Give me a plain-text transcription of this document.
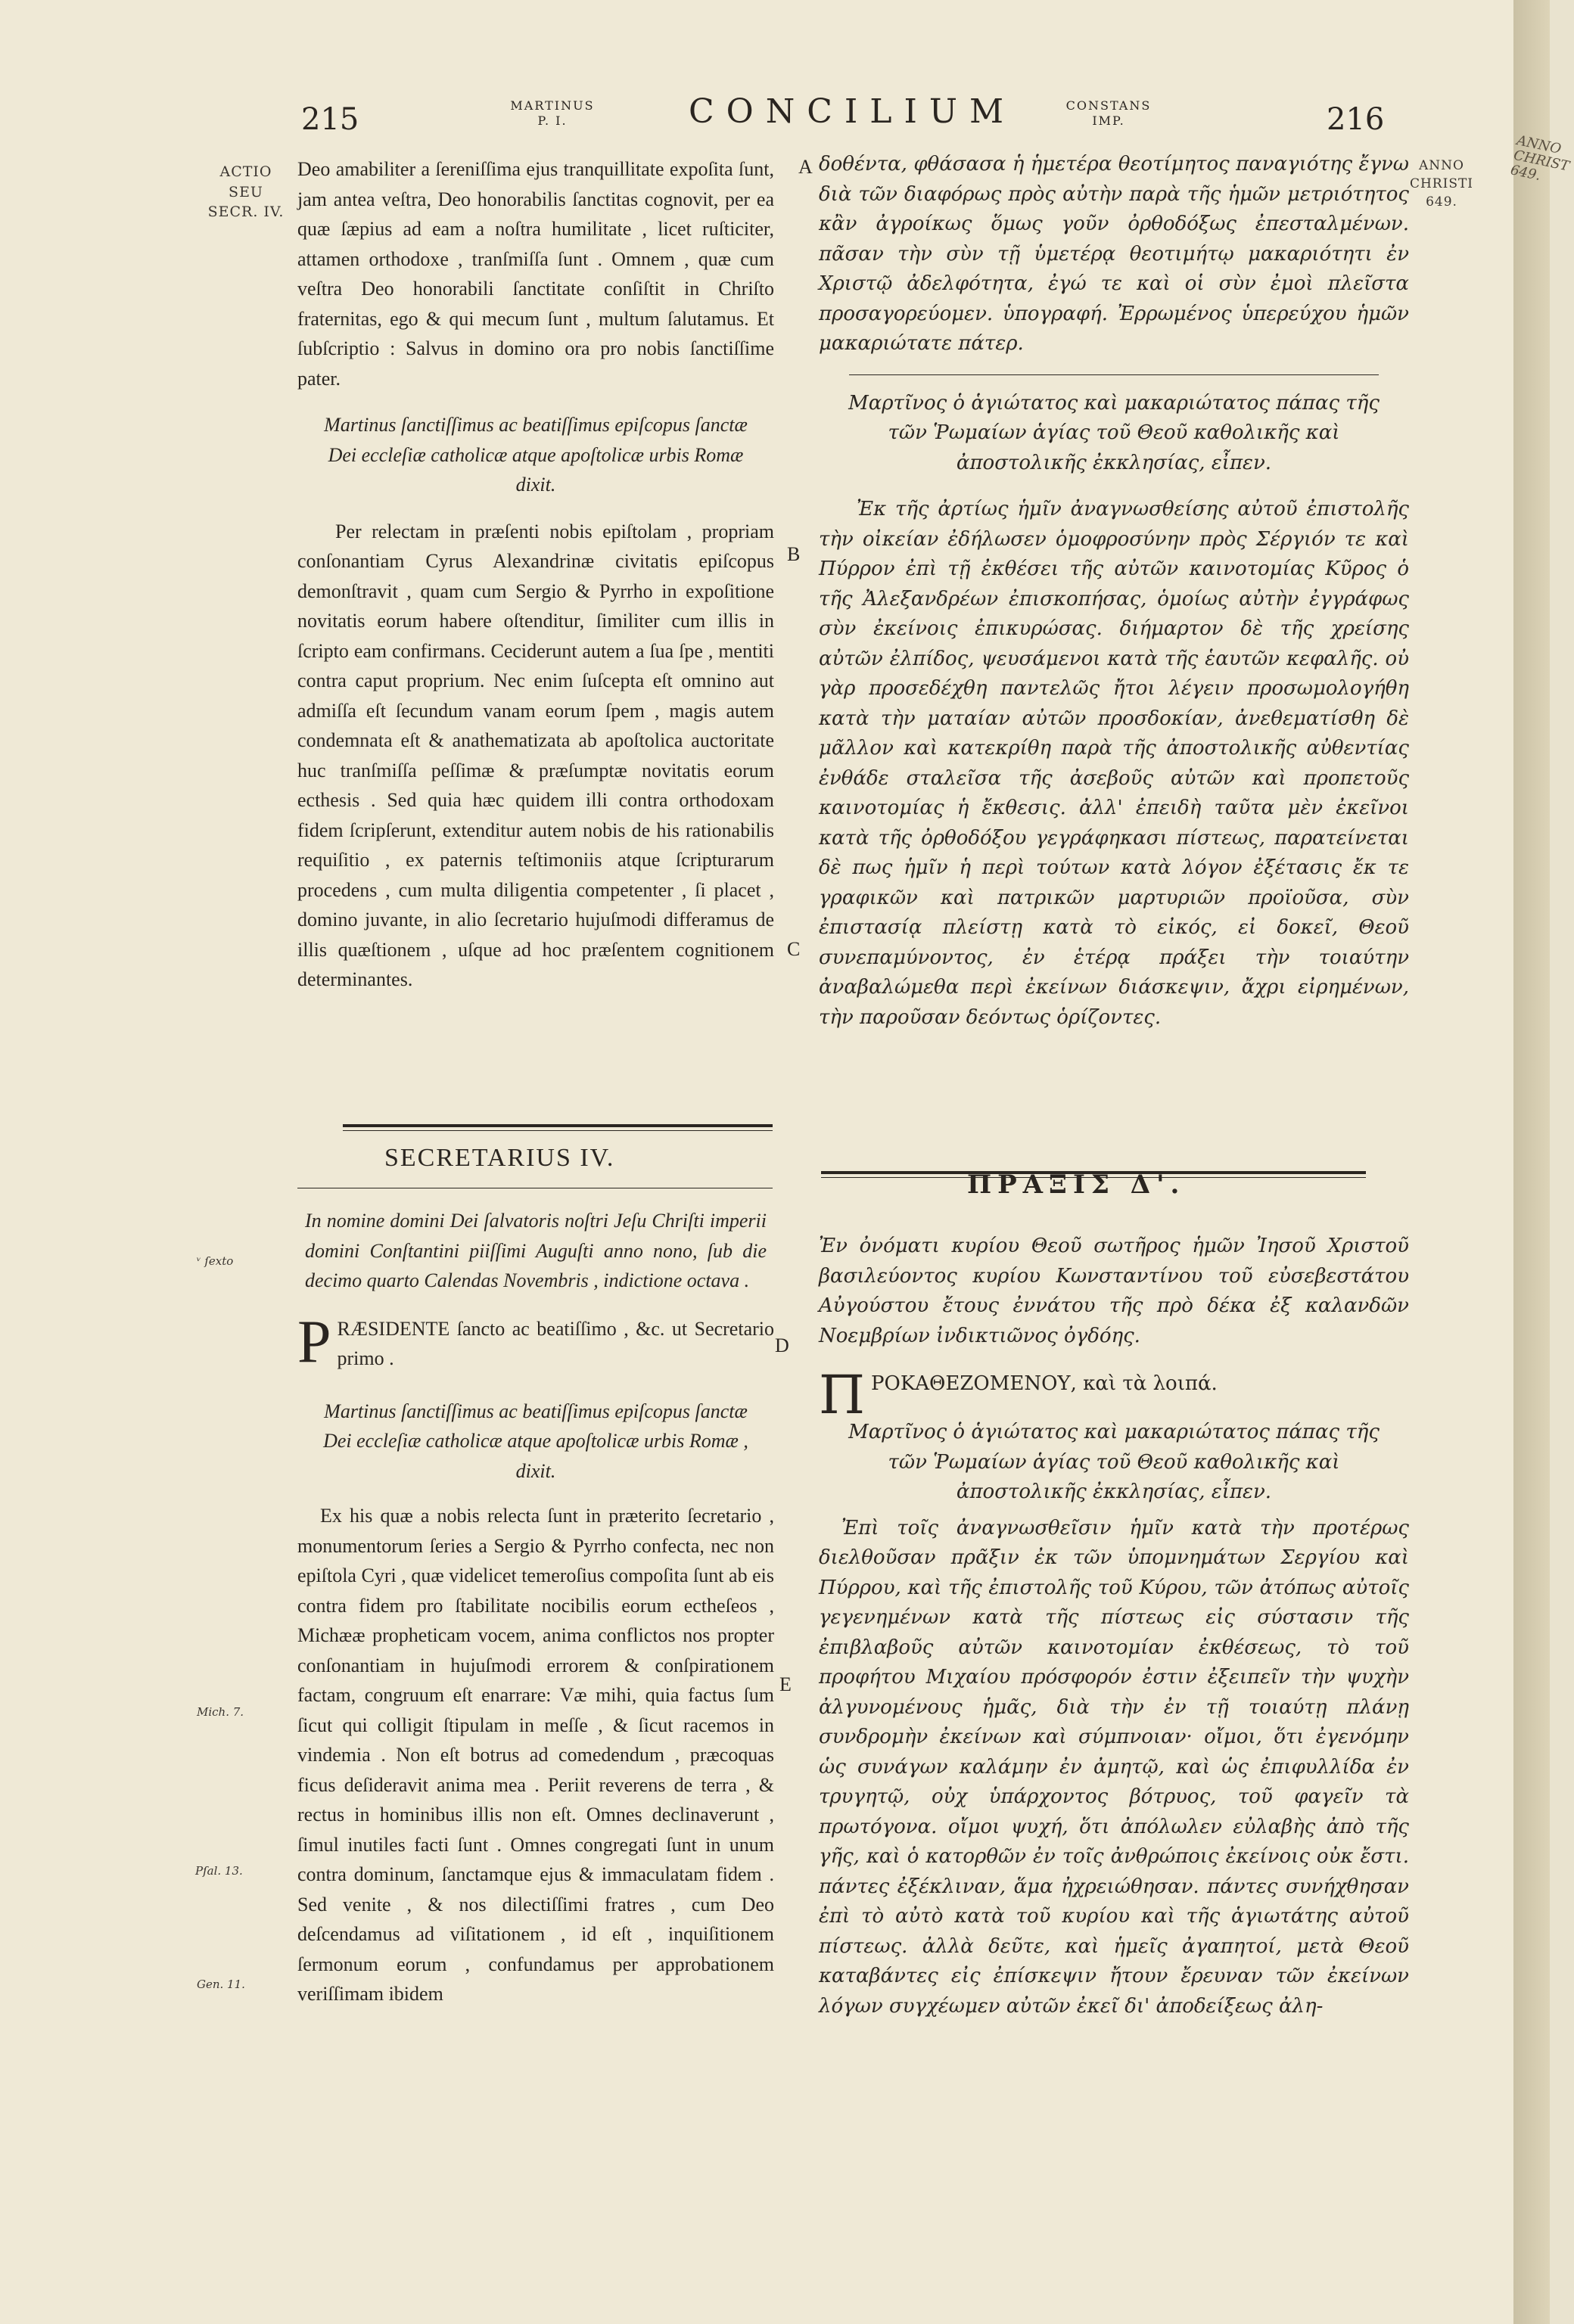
ANNO
CHRIST
649.
215	MARTINUS
P. I.	CONCILIUM	CONSTANS
IMP.	216
ACTIO
SEU
SECR. IV.
ᵛ ſexto
Mich. 7.
Pſal. 13.
Gen. 11.
ANNO
CHRISTI
649.
A
B
C
D
E

Deo amabiliter a ſereniſſima ejus tranquillitate expoſita ſunt, jam antea veſtra, Deo honorabilis ſanctitas cognovit, per ea quæ ſæpius ad eam a noſtra humilitate , licet ruſticiter, attamen orthodoxe , tranſmiſſa ſunt . Omnem , quæ cum veſtra Deo honorabili ſanctitate conſiſtit in Chriſto fraternitas, ego & qui mecum ſunt , multum ſalutamus. Et ſubſcriptio : Salvus in domino ora pro nobis ſanctiſſime pater.

Martinus ſanctiſſimus ac beatiſſimus epiſcopus ſanctæ Dei eccleſiæ catholicæ atque apoſtolicæ urbis Romæ dixit.

Per relectam in præſenti nobis epiſtolam , propriam conſonantiam Cyrus Alexandrinæ civitatis epiſcopus demonſtravit , quam cum Sergio & Pyrrho in expoſitione novitatis eorum habere oſtenditur, ſimiliter cum illis in ſcripto eam confirmans. Ceciderunt autem a ſua ſpe , mentiti contra caput proprium. Nec enim ſuſcepta eſt omnino aut admiſſa eſt ſecundum vanam eorum ſpem , magis autem condemnata eſt & anathematizata ab apoſtolica auctoritate huc tranſmiſſa peſſimæ & præſumptæ novitatis eorum ecthesis . Sed quia hæc quidem illi contra orthodoxam fidem ſcripſerunt, extenditur autem nobis de his rationabilis requiſitio , ex paternis teſtimoniis atque ſcripturarum procedens , cum multa diligentia competenter , ſi placet , domino juvante, in alio ſecretario hujuſmodi differamus de illis quæſtionem , uſque ad hoc præſentem cognitionem determinantes.

SECRETARIUS IV.

In nomine domini Dei ſalvatoris noſtri Jeſu Chriſti imperii domini Conſtantini piiſſimi Auguſti anno nono, ſub die decimo quarto Calendas Novembris , indictione octava .

PRÆSIDENTE ſancto ac beatiſſimo , &c. ut Secretario primo .

Martinus ſanctiſſimus ac beatiſſimus epiſcopus ſanctæ Dei eccleſiæ catholicæ atque apoſtolicæ urbis Romæ , dixit.

Ex his quæ a nobis relecta ſunt in præterito ſecretario , monumentorum ſeries a Sergio & Pyrrho confecta, nec non epiſtola Cyri , quæ videlicet temeroſius compoſita ſunt ab eis contra fidem pro ſtabilitate nocibilis eorum ectheſeos , Michææ propheticam vocem, anima conflictos nos propter conſonantiam in hujuſmodi errorem & conſpirationem factam, congruum eſt enarrare: Væ mihi, quia factus ſum ſicut qui colligit ſtipulam in meſſe , & ſicut racemos in vindemia . Non eſt botrus ad comedendum , præcoquas ficus deſideravit anima mea . Periit reverens de terra , & rectus in hominibus illis non eſt. Omnes declinaverunt , ſimul inutiles facti ſunt . Omnes congregati ſunt in unum contra dominum, ſanctamque ejus & immaculatam fidem . Sed venite , & nos dilectiſſimi fratres , cum Deo deſcendamus ad viſitationem , id eſt , inquiſitionem ſermonum eorum , confundamus per approbationem veriſſimam ibidem

δοθέντα, φθάσασα ἡ ἡμετέρα θεοτίμητος παναγιότης ἔγνω διὰ τῶν διαφόρως πρὸς αὐτὴν παρὰ τῆς ἡμῶν μετριότητος κἂν ἀγροίκως ὅμως γοῦν ὀρθοδόξως ἐπεσταλμένων. πᾶσαν τὴν σὺν τῇ ὑμετέρᾳ θεοτιμήτῳ μακαριότητι ἐν Χριστῷ ἀδελφότητα, ἐγώ τε καὶ οἱ σὺν ἐμοὶ πλεῖστα προσαγορεύομεν. ὑπογραφή. Ἐρρωμένος ὑπερεύχου ἡμῶν μακαριώτατε πάτερ.

Μαρτῖνος ὁ ἁγιώτατος καὶ μακαριώτατος πάπας τῆς τῶν Ῥωμαίων ἁγίας τοῦ Θεοῦ καθολικῆς καὶ ἀποστολικῆς ἐκκλησίας, εἶπεν.

Ἐκ τῆς ἀρτίως ἡμῖν ἀναγνωσθείσης αὐτοῦ ἐπιστολῆς τὴν οἰκείαν ἐδήλωσεν ὁμοφροσύνην πρὸς Σέργιόν τε καὶ Πύρρον ἐπὶ τῇ ἐκθέσει τῆς αὐτῶν καινοτομίας Κῦρος ὁ τῆς Ἀλεξανδρέων ἐπισκοπήσας, ὁμοίως αὐτὴν ἐγγράφως σὺν ἐκείνοις ἐπικυρώσας. διήμαρτον δὲ τῆς χρείσης αὐτῶν ἐλπίδος, ψευσάμενοι κατὰ τῆς ἑαυτῶν κεφαλῆς. οὐ γὰρ προσεδέχθη παντελῶς ἤτοι λέγειν προσωμολογήθη κατὰ τὴν ματαίαν αὐτῶν προσδοκίαν, ἀνεθεματίσθη δὲ μᾶλλον καὶ κατεκρίθη παρὰ τῆς ἀποστολικῆς αὐθεντίας ἐνθάδε σταλεῖσα τῆς ἀσεβοῦς αὐτῶν καὶ προπετοῦς καινοτομίας ἡ ἔκθεσις. ἀλλ' ἐπειδὴ ταῦτα μὲν ἐκεῖνοι κατὰ τῆς ὀρθοδόξου γεγράφηκασι πίστεως, παρατείνεται δὲ πως ἡμῖν ἡ περὶ τούτων κατὰ λόγον ἐξέτασις ἔκ τε γραφικῶν καὶ πατρικῶν μαρτυριῶν προϊοῦσα, σὺν ἐπιστασίᾳ πλείστῃ κατὰ τὸ εἰκός, εἰ δοκεῖ, Θεοῦ συνεπαμύνοντος, ἐν ἑτέρᾳ πράξει τὴν τοιαύτην ἀναβαλώμεθα περὶ ἐκείνων διάσκεψιν, ἄχρι εἰρημένων, τὴν παροῦσαν δεόντως ὁρίζοντες.

ΠΡΑΞΙΣ Δ'.

Ἐν ὀνόματι κυρίου Θεοῦ σωτῆρος ἡμῶν Ἰησοῦ Χριστοῦ βασιλεύοντος κυρίου Κωνσταντίνου τοῦ εὐσεβεστάτου Αὐγούστου ἔτους ἐννάτου τῆς πρὸ δέκα ἐξ καλανδῶν Νοεμβρίων ἰνδικτιῶνος ὀγδόης.

ΠΡΟΚΑΘΕΖΟΜΕΝΟΥ, καὶ τὰ λοιπά.

Μαρτῖνος ὁ ἁγιώτατος καὶ μακαριώτατος πάπας τῆς τῶν Ῥωμαίων ἁγίας τοῦ Θεοῦ καθολικῆς καὶ ἀποστολικῆς ἐκκλησίας, εἶπεν.

Ἐπὶ τοῖς ἀναγνωσθεῖσιν ἡμῖν κατὰ τὴν προτέρως διελθοῦσαν πρᾶξιν ἐκ τῶν ὑπομνημάτων Σεργίου καὶ Πύρρου, καὶ τῆς ἐπιστολῆς τοῦ Κύρου, τῶν ἀτόπως αὐτοῖς γεγενημένων κατὰ τῆς πίστεως εἰς σύστασιν τῆς ἐπιβλαβοῦς αὐτῶν καινοτομίαν ἐκθέσεως, τὸ τοῦ προφήτου Μιχαίου πρόσφορόν ἐστιν ἐξειπεῖν τὴν ψυχὴν ἀλγυνομένους ἡμᾶς, διὰ τὴν ἐν τῇ τοιαύτῃ πλάνῃ συνδρομὴν ἐκείνων καὶ σύμπνοιαν· οἴμοι, ὅτι ἐγενόμην ὡς συνάγων καλάμην ἐν ἀμητῷ, καὶ ὡς ἐπιφυλλίδα ἐν τρυγητῷ, οὐχ ὑπάρχοντος βότρυος, τοῦ φαγεῖν τὰ πρωτόγονα. οἴμοι ψυχή, ὅτι ἀπόλωλεν εὐλαβὴς ἀπὸ τῆς γῆς, καὶ ὁ κατορθῶν ἐν τοῖς ἀνθρώποις ἐκείνοις οὐκ ἔστι. πάντες ἐξέκλιναν, ἅμα ἠχρειώθησαν. πάντες συνήχθησαν ἐπὶ τὸ αὐτὸ κατὰ τοῦ κυρίου καὶ τῆς ἁγιωτάτης αὐτοῦ πίστεως. ἀλλὰ δεῦτε, καὶ ἡμεῖς ἀγαπητοί, μετὰ Θεοῦ καταβάντες εἰς ἐπίσκεψιν ἤτουν ἔρευναν τῶν ἐκείνων λόγων συγχέωμεν αὐτῶν ἐκεῖ δι' ἀποδείξεως ἀλη-
